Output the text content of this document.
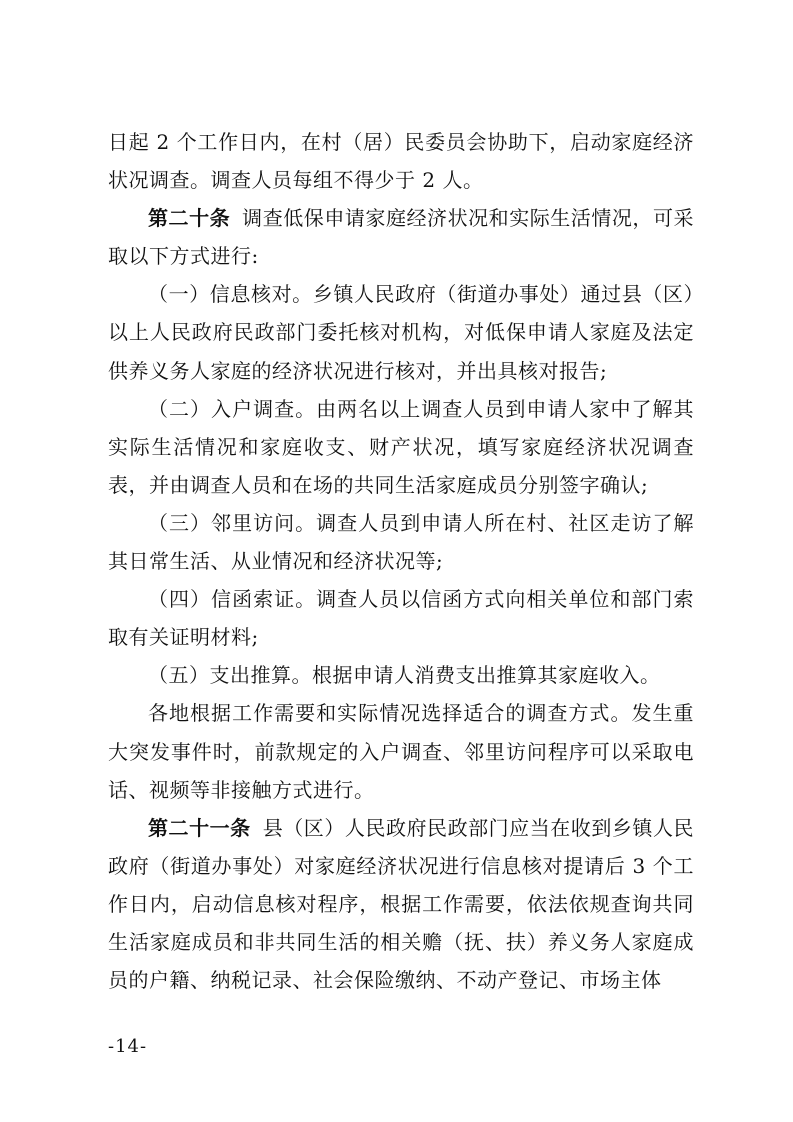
日起 2 个工作日内，在村（居）民委员会协助下，启动家庭经济状况调查。调查人员每组不得少于 2 人。

第二十条 调查低保申请家庭经济状况和实际生活情况，可采取以下方式进行:

（一）信息核对。乡镇人民政府（街道办事处）通过县（区）以上人民政府民政部门委托核对机构，对低保申请人家庭及法定供养义务人家庭的经济状况进行核对，并出具核对报告;

（二）入户调查。由两名以上调查人员到申请人家中了解其实际生活情况和家庭收支、财产状况，填写家庭经济状况调查表，并由调查人员和在场的共同生活家庭成员分别签字确认;

（三）邻里访问。调查人员到申请人所在村、社区走访了解其日常生活、从业情况和经济状况等;

（四）信函索证。调查人员以信函方式向相关单位和部门索取有关证明材料;

（五）支出推算。根据申请人消费支出推算其家庭收入。

各地根据工作需要和实际情况选择适合的调查方式。发生重大突发事件时，前款规定的入户调查、邻里访问程序可以采取电话、视频等非接触方式进行。

第二十一条 县（区）人民政府民政部门应当在收到乡镇人民政府（街道办事处）对家庭经济状况进行信息核对提请后 3 个工作日内，启动信息核对程序，根据工作需要，依法依规查询共同生活家庭成员和非共同生活的相关赡（抚、扶）养义务人家庭成员的户籍、纳税记录、社会保险缴纳、不动产登记、市场主体

-14-
